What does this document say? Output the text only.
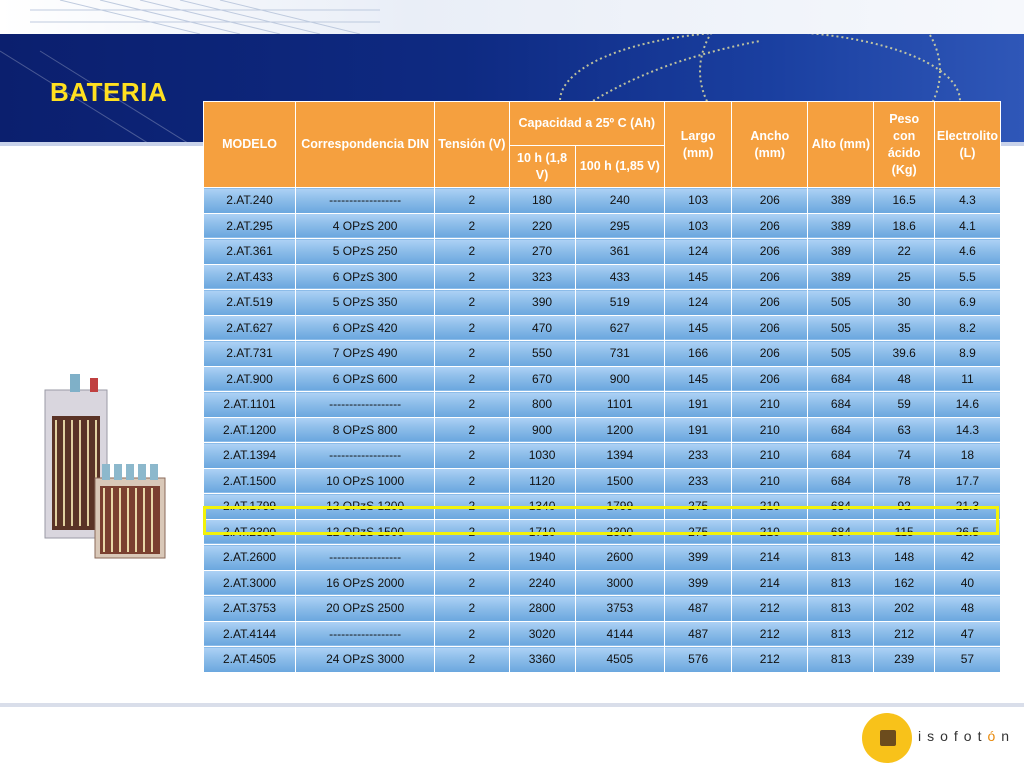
BATERIA
MODELO	Correspondencia DIN	Tensión (V)	Capacidad a 25º C (Ah)		Largo (mm)	Ancho (mm)	Alto (mm)	Peso con ácido (Kg)	Electrolito (L)
			10 h (1,8 V)	100 h (1,85 V)					
2.AT.240	------------------	2	180	240	103	206	389	16.5	4.3
2.AT.295	4 OPzS 200	2	220	295	103	206	389	18.6	4.1
2.AT.361	5 OPzS 250	2	270	361	124	206	389	22	4.6
2.AT.433	6 OPzS 300	2	323	433	145	206	389	25	5.5
2.AT.519	5 OPzS 350	2	390	519	124	206	505	30	6.9
2.AT.627	6 OPzS 420	2	470	627	145	206	505	35	8.2
2.AT.731	7 OPzS 490	2	550	731	166	206	505	39.6	8.9
2.AT.900	6 OPzS 600	2	670	900	145	206	684	48	11
2.AT.1101	------------------	2	800	1101	191	210	684	59	14.6
2.AT.1200	8 OPzS 800	2	900	1200	191	210	684	63	14.3
2.AT.1394	------------------	2	1030	1394	233	210	684	74	18
2.AT.1500	10 OPzS 1000	2	1120	1500	233	210	684	78	17.7
2.AT.1799	12 OPzS 1200	2	1340	1799	275	210	684	92	21.3
2.AT.2300	12 OPzS 1500	2	1710	2300	275	210	684	115	26.5
2.AT.2600	------------------	2	1940	2600	399	214	813	148	42
2.AT.3000	16 OPzS 2000	2	2240	3000	399	214	813	162	40
2.AT.3753	20 OPzS 2500	2	2800	3753	487	212	813	202	48
2.AT.4144	------------------	2	3020	4144	487	212	813	212	47
2.AT.4505	24 OPzS 3000	2	3360	4505	576	212	813	239	57
isofotón
